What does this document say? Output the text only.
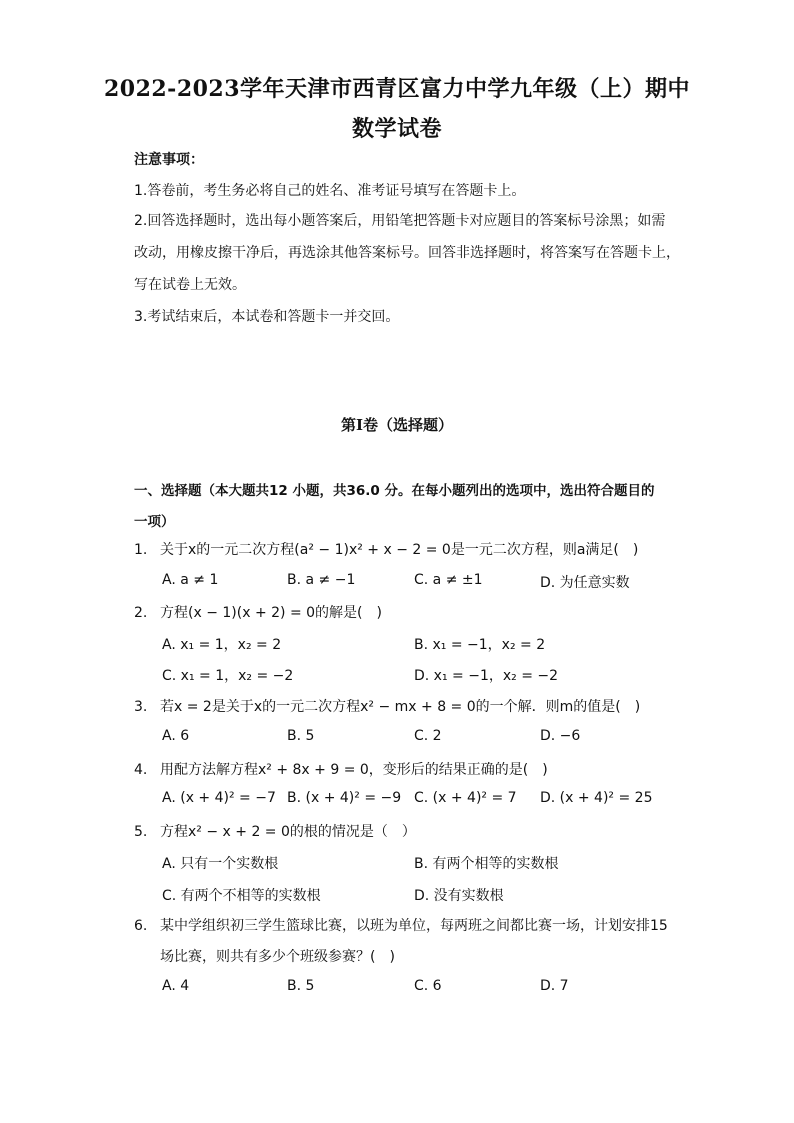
2022-2023学年天津市西青区富力中学九年级（上）期中
数学试卷
注意事项：
1.答卷前，考生务必将自己的姓名、准考证号填写在答题卡上。
2.回答选择题时，选出每小题答案后，用铅笔把答题卡对应题目的答案标号涂黑；如需
改动，用橡皮擦干净后，再选涂其他答案标号。回答非选择题时，将答案写在答题卡上，
写在试卷上无效。
3.考试结束后，本试卷和答题卡一并交回。
第Ⅰ卷（选择题）
一、选择题（本大题共12 小题，共36.0 分。在每小题列出的选项中，选出符合题目的
一项）
1. 关于x的一元二次方程(a² − 1)x² + x − 2 = 0是一元二次方程，则a满足(　)
A. a ≠ 1	B. a ≠ −1	C. a ≠ ±1	D. 为任意实数
2. 方程(x − 1)(x + 2) = 0的解是(　)
A. x₁ = 1，x₂ = 2	B. x₁ = −1，x₂ = 2
C. x₁ = 1，x₂ = −2	D. x₁ = −1，x₂ = −2
3. 若x = 2是关于x的一元二次方程x² − mx + 8 = 0的一个解．则m的值是(　)
A. 6	B. 5	C. 2	D. −6
4. 用配方法解方程x² + 8x + 9 = 0，变形后的结果正确的是(　)
A. (x + 4)² = −7 B. (x + 4)² = −9 C. (x + 4)² = 7 D. (x + 4)² = 25
5. 方程x² − x + 2 = 0的根的情况是（　）
A. 只有一个实数根	B. 有两个相等的实数根
C. 有两个不相等的实数根	D. 没有实数根
6. 某中学组织初三学生篮球比赛，以班为单位，每两班之间都比赛一场，计划安排15
场比赛，则共有多少个班级参赛？(　)
A. 4	B. 5	C. 6	D. 7
